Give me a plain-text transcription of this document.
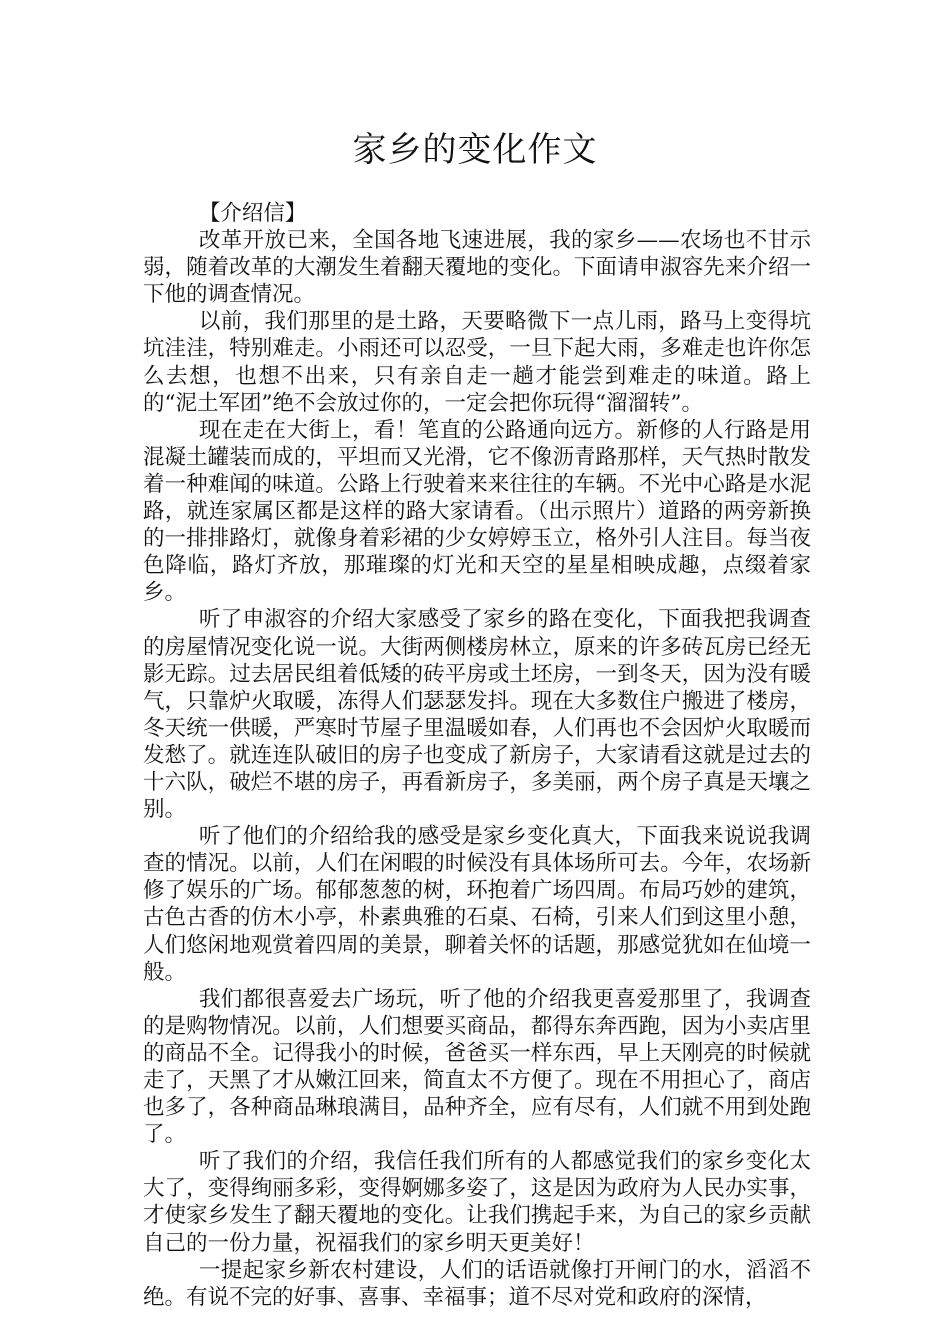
家乡的变化作文

【介绍信】

改革开放已来，全国各地飞速进展，我的家乡——农场也不甘示弱，随着改革的大潮发生着翻天覆地的变化。下面请申淑容先来介绍一下他的调查情况。

以前，我们那里的是土路，天要略微下一点儿雨，路马上变得坑坑洼洼，特别难走。小雨还可以忍受，一旦下起大雨，多难走也许你怎么去想，也想不出来，只有亲自走一趟才能尝到难走的味道。路上的“泥土军团”绝不会放过你的，一定会把你玩得“溜溜转”。

现在走在大街上，看！笔直的公路通向远方。新修的人行路是用混凝土罐装而成的，平坦而又光滑，它不像沥青路那样，天气热时散发着一种难闻的味道。公路上行驶着来来往往的车辆。不光中心路是水泥路，就连家属区都是这样的路大家请看。（出示照片）道路的两旁新换的一排排路灯，就像身着彩裙的少女婷婷玉立，格外引人注目。每当夜色降临，路灯齐放，那璀璨的灯光和天空的星星相映成趣，点缀着家乡。

听了申淑容的介绍大家感受了家乡的路在变化，下面我把我调查的房屋情况变化说一说。大街两侧楼房林立，原来的许多砖瓦房已经无影无踪。过去居民组着低矮的砖平房或土坯房，一到冬天，因为没有暖气，只靠炉火取暖，冻得人们瑟瑟发抖。现在大多数住户搬进了楼房，冬天统一供暖，严寒时节屋子里温暖如春，人们再也不会因炉火取暖而发愁了。就连连队破旧的房子也变成了新房子，大家请看这就是过去的十六队，破烂不堪的房子，再看新房子，多美丽，两个房子真是天壤之别。

听了他们的介绍给我的感受是家乡变化真大，下面我来说说我调查的情况。以前，人们在闲暇的时候没有具体场所可去。今年，农场新修了娱乐的广场。郁郁葱葱的树，环抱着广场四周。布局巧妙的建筑，古色古香的仿木小亭，朴素典雅的石桌、石椅，引来人们到这里小憩，人们悠闲地观赏着四周的美景，聊着关怀的话题，那感觉犹如在仙境一般。

我们都很喜爱去广场玩，听了他的介绍我更喜爱那里了，我调查的是购物情况。以前，人们想要买商品，都得东奔西跑，因为小卖店里的商品不全。记得我小的时候，爸爸买一样东西，早上天刚亮的时候就走了，天黑了才从嫩江回来，简直太不方便了。现在不用担心了，商店也多了，各种商品琳琅满目，品种齐全，应有尽有，人们就不用到处跑了。

听了我们的介绍，我信任我们所有的人都感觉我们的家乡变化太大了，变得绚丽多彩，变得婀娜多姿了，这是因为政府为人民办实事，才使家乡发生了翻天覆地的变化。让我们携起手来，为自己的家乡贡献自己的一份力量，祝福我们的家乡明天更美好！

一提起家乡新农村建设，人们的话语就像打开闸门的水，滔滔不绝。有说不完的好事、喜事、幸福事；道不尽对党和政府的深情，
